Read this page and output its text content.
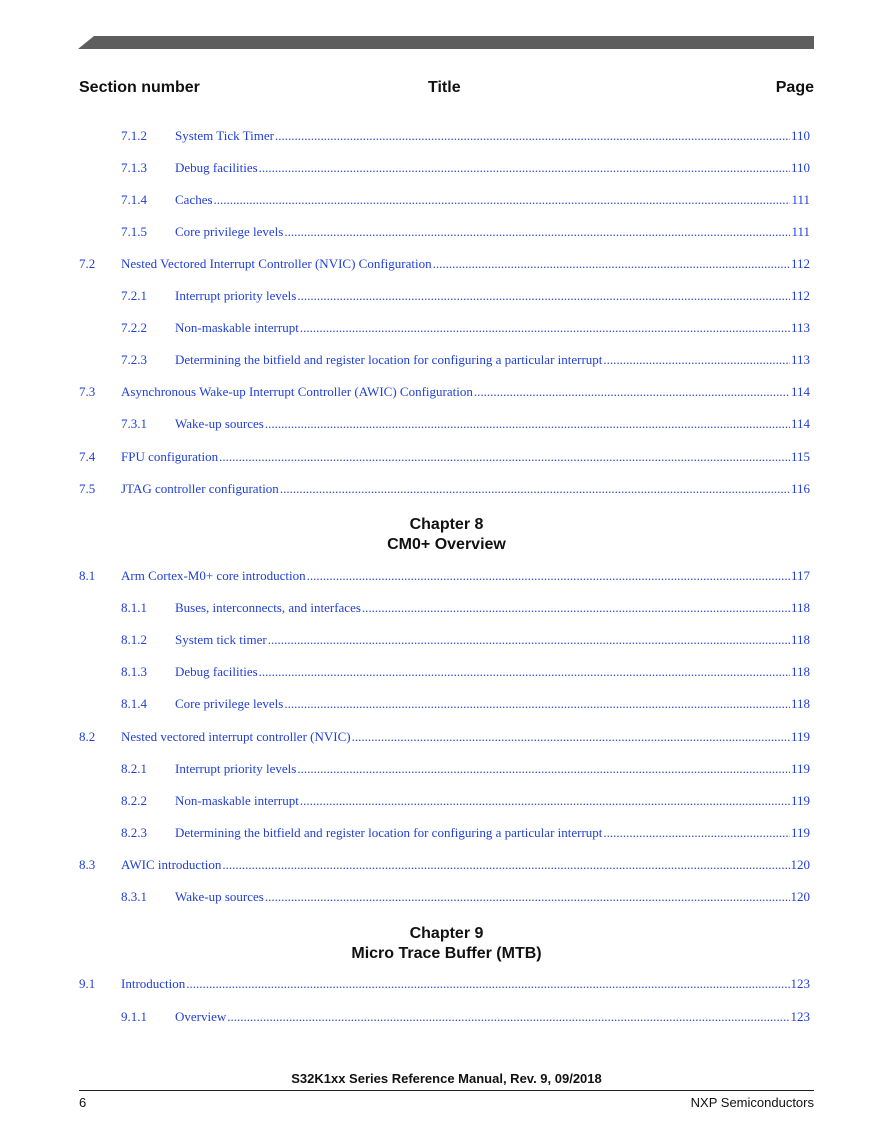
Section number	Title	Page
7.1.2 System Tick Timer .....	110
7.1.3 Debug facilities .....	110
7.1.4 Caches .....	111
7.1.5 Core privilege levels .....	111
7.2 Nested Vectored Interrupt Controller (NVIC) Configuration .....	112
7.2.1 Interrupt priority levels .....	112
7.2.2 Non-maskable interrupt .....	113
7.2.3 Determining the bitfield and register location for configuring a particular interrupt .....	113
7.3 Asynchronous Wake-up Interrupt Controller (AWIC) Configuration .....	114
7.3.1 Wake-up sources .....	114
7.4 FPU configuration .....	115
7.5 JTAG controller configuration .....	116
Chapter 8
CM0+ Overview
8.1 Arm Cortex-M0+ core introduction .....	117
8.1.1 Buses, interconnects, and interfaces .....	118
8.1.2 System tick timer .....	118
8.1.3 Debug facilities .....	118
8.1.4 Core privilege levels .....	118
8.2 Nested vectored interrupt controller (NVIC) .....	119
8.2.1 Interrupt priority levels .....	119
8.2.2 Non-maskable interrupt .....	119
8.2.3 Determining the bitfield and register location for configuring a particular interrupt .....	119
8.3 AWIC introduction .....	120
8.3.1 Wake-up sources .....	120
Chapter 9
Micro Trace Buffer (MTB)
9.1 Introduction .....	123
9.1.1 Overview .....	123
S32K1xx Series Reference Manual, Rev. 9, 09/2018
6	NXP Semiconductors
